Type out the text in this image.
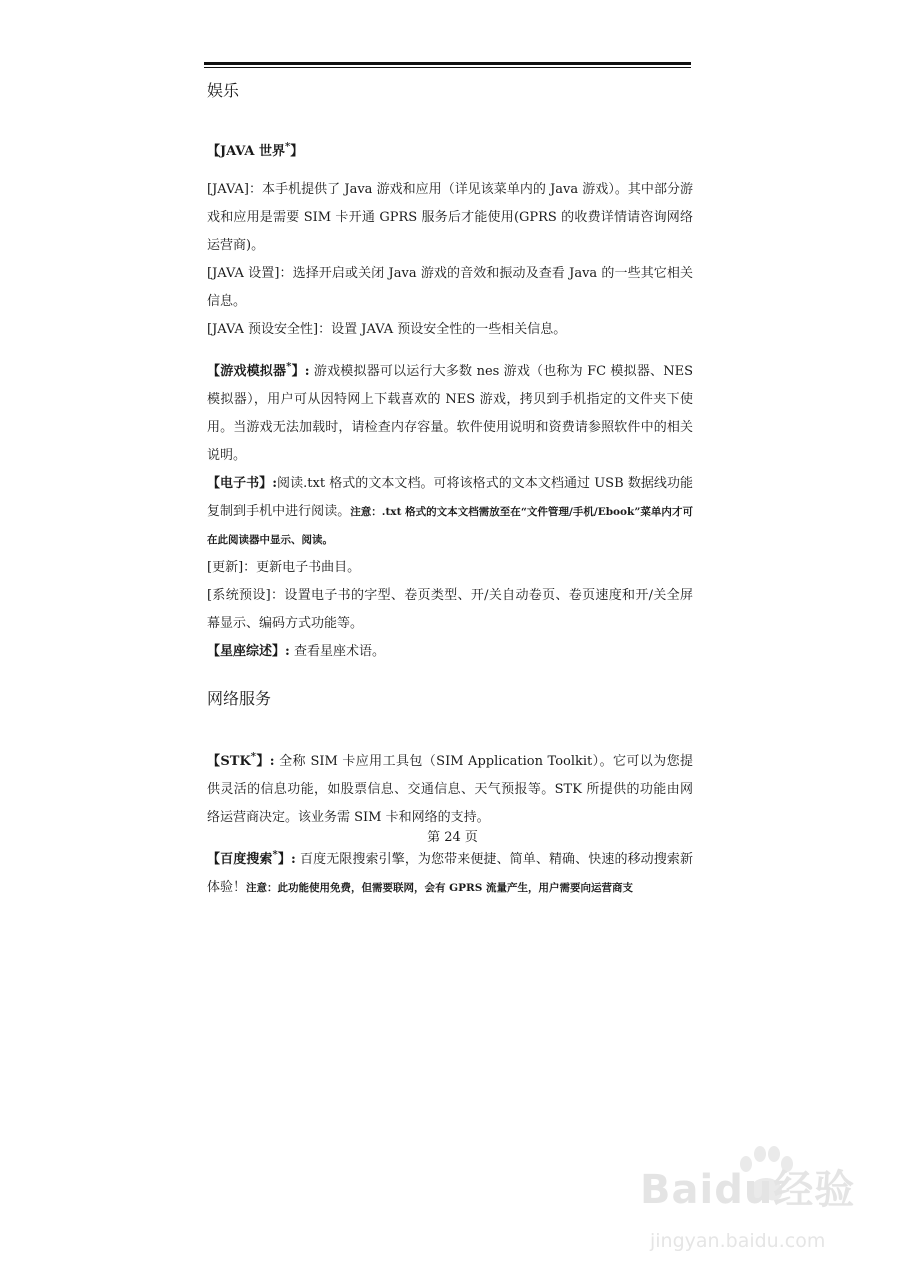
娱乐

【JAVA 世界*】

[JAVA]：本手机提供了 Java 游戏和应用（详见该菜单内的 Java 游戏）。其中部分游戏和应用是需要 SIM 卡开通 GPRS 服务后才能使用(GPRS 的收费详情请咨询网络运营商)。

[JAVA 设置]：选择开启或关闭 Java 游戏的音效和振动及查看 Java 的一些其它相关信息。

[JAVA 预设安全性]：设置 JAVA 预设安全性的一些相关信息。

【游戏模拟器*】: 游戏模拟器可以运行大多数 nes 游戏（也称为 FC 模拟器、NES 模拟器），用户可从因特网上下载喜欢的 NES 游戏，拷贝到手机指定的文件夹下使用。当游戏无法加载时，请检查内存容量。软件使用说明和资费请参照软件中的相关说明。

【电子书】:阅读.txt 格式的文本文档。可将该格式的文本文档通过 USB 数据线功能复制到手机中进行阅读。注意：.txt 格式的文本文档需放至在“文件管理/手机/Ebook”菜单内才可在此阅读器中显示、阅读。

[更新]：更新电子书曲目。

[系统预设]：设置电子书的字型、卷页类型、开/关自动卷页、卷页速度和开/关全屏幕显示、编码方式功能等。

【星座综述】: 查看星座术语。

网络服务

【STK*】: 全称 SIM 卡应用工具包（SIM Application Toolkit）。它可以为您提供灵活的信息功能，如股票信息、交通信息、天气预报等。STK 所提供的功能由网络运营商决定。该业务需 SIM 卡和网络的支持。

【百度搜索*】: 百度无限搜索引擎，为您带来便捷、简单、精确、快速的移动搜索新体验！注意：此功能使用免费，但需要联网，会有 GPRS 流量产生，用户需要向运营商支

第 24 页
Baidu经验
jingyan.baidu.com
